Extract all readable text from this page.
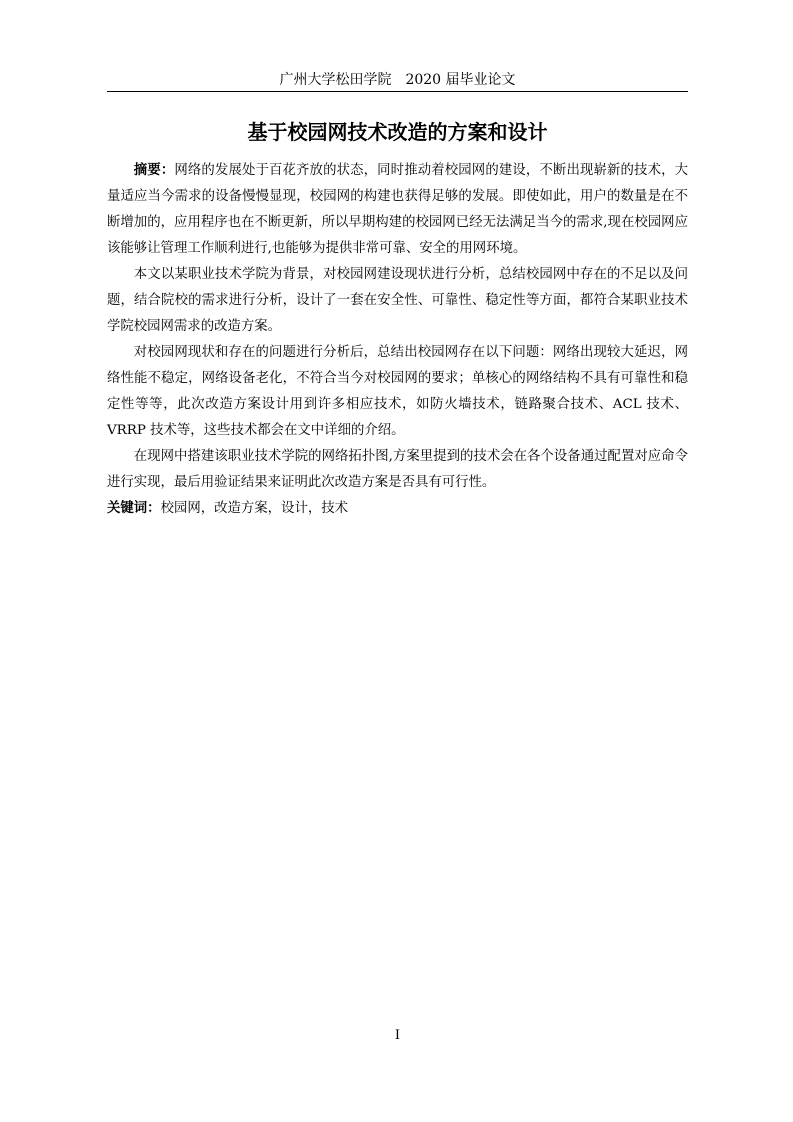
广州大学松田学院　2020 届毕业论文
基于校园网技术改造的方案和设计

摘要：网络的发展处于百花齐放的状态，同时推动着校园网的建设，不断出现崭新的技术，大量适应当今需求的设备慢慢显现，校园网的构建也获得足够的发展。即使如此，用户的数量是在不断增加的，应用程序也在不断更新，所以早期构建的校园网已经无法满足当今的需求,现在校园网应该能够让管理工作顺利进行,也能够为提供非常可靠、安全的用网环境。

本文以某职业技术学院为背景，对校园网建设现状进行分析，总结校园网中存在的不足以及问题，结合院校的需求进行分析，设计了一套在安全性、可靠性、稳定性等方面，都符合某职业技术学院校园网需求的改造方案。

对校园网现状和存在的问题进行分析后，总结出校园网存在以下问题：网络出现较大延迟，网络性能不稳定，网络设备老化，不符合当今对校园网的要求；单核心的网络结构不具有可靠性和稳定性等等，此次改造方案设计用到许多相应技术，如防火墙技术，链路聚合技术、ACL 技术、VRRP 技术等，这些技术都会在文中详细的介绍。

在现网中搭建该职业技术学院的网络拓扑图,方案里提到的技术会在各个设备通过配置对应命令进行实现，最后用验证结果来证明此次改造方案是否具有可行性。

关键词：校园网，改造方案，设计，技术

I
